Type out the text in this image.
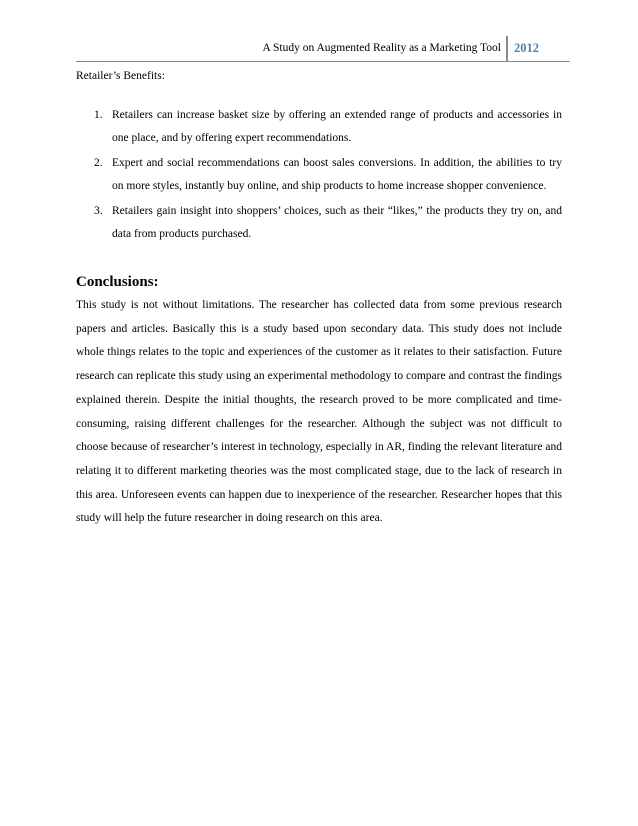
A Study on Augmented Reality as a Marketing Tool 2012
Retailer’s Benefits:
1. Retailers can increase basket size by offering an extended range of products and accessories in one place, and by offering expert recommendations.
2. Expert and social recommendations can boost sales conversions. In addition, the abilities to try on more styles, instantly buy online, and ship products to home increase shopper convenience.
3. Retailers gain insight into shoppers’ choices, such as their “likes,” the products they try on, and data from products purchased.
Conclusions:

This study is not without limitations. The researcher has collected data from some previous research papers and articles. Basically this is a study based upon secondary data. This study does not include whole things relates to the topic and experiences of the customer as it relates to their satisfaction. Future research can replicate this study using an experimental methodology to compare and contrast the findings explained therein. Despite the initial thoughts, the research proved to be more complicated and time-consuming, raising different challenges for the researcher. Although the subject was not difficult to choose because of researcher’s interest in technology, especially in AR, finding the relevant literature and relating it to different marketing theories was the most complicated stage, due to the lack of research in this area. Unforeseen events can happen due to inexperience of the researcher. Researcher hopes that this study will help the future researcher in doing research on this area.
